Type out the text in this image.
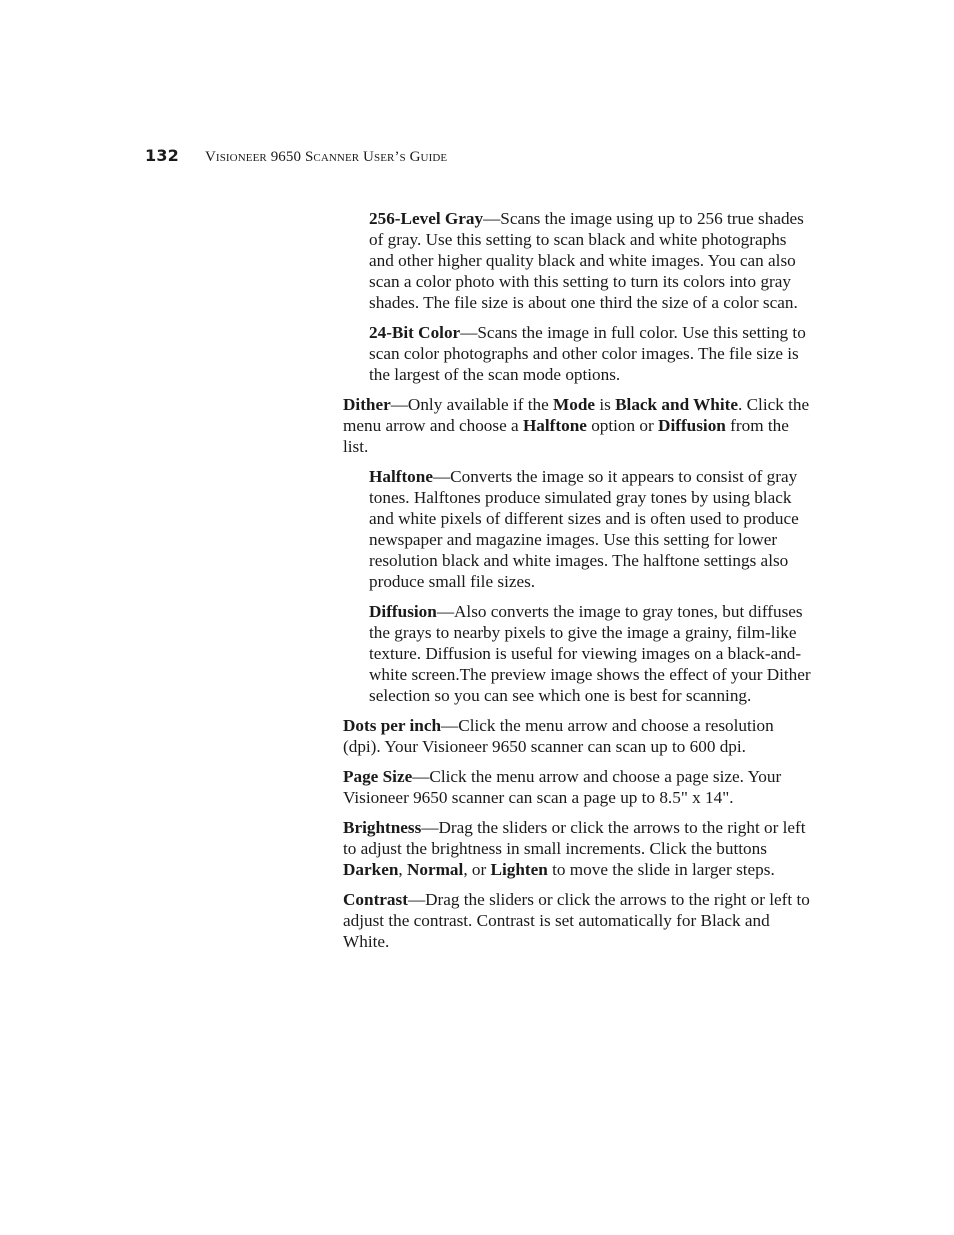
132 Visioneer 9650 Scanner User’s Guide

256-Level Gray—Scans the image using up to 256 true shades of gray. Use this setting to scan black and white photographs and other higher quality black and white images. You can also scan a color photo with this setting to turn its colors into gray shades. The file size is about one third the size of a color scan.

24-Bit Color—Scans the image in full color. Use this setting to scan color photographs and other color images. The file size is the largest of the scan mode options.

Dither—Only available if the Mode is Black and White. Click the menu arrow and choose a Halftone option or Diffusion from the list.

Halftone—Converts the image so it appears to consist of gray tones. Halftones produce simulated gray tones by using black and white pixels of different sizes and is often used to produce newspaper and magazine images. Use this setting for lower resolution black and white images. The halftone settings also produce small file sizes.

Diffusion—Also converts the image to gray tones, but diffuses the grays to nearby pixels to give the image a grainy, film-like texture. Diffusion is useful for viewing images on a black-and-white screen.The preview image shows the effect of your Dither selection so you can see which one is best for scanning.

Dots per inch—Click the menu arrow and choose a resolution (dpi). Your Visioneer 9650 scanner can scan up to 600 dpi.

Page Size—Click the menu arrow and choose a page size. Your Visioneer 9650 scanner can scan a page up to 8.5" x 14".

Brightness—Drag the sliders or click the arrows to the right or left to adjust the brightness in small increments. Click the buttons Darken, Normal, or Lighten to move the slide in larger steps.

Contrast—Drag the sliders or click the arrows to the right or left to adjust the contrast. Contrast is set automatically for Black and White.
